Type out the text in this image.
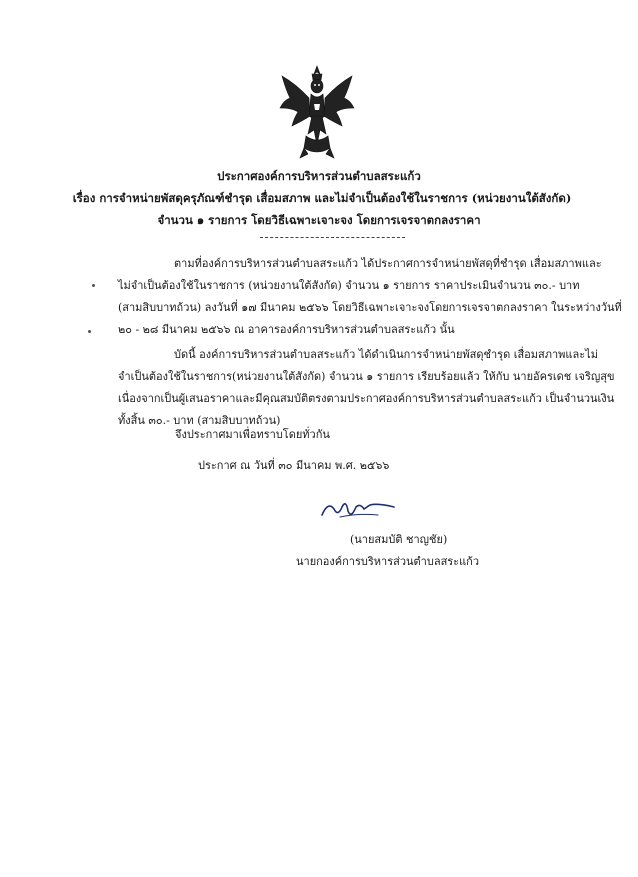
ประกาศองค์การบริหารส่วนตำบลสระแก้ว
เรื่อง การจำหน่ายพัสดุครุภัณฑ์ชำรุด เสื่อมสภาพ และไม่จำเป็นต้องใช้ในราชการ (หน่วยงานใต้สังกัด)
จำนวน ๑ รายการ โดยวิธีเฉพาะเจาะจง โดยการเจรจาตกลงราคา
ตามที่องค์การบริหารส่วนตำบลสระแก้ว ได้ประกาศการจำหน่ายพัสดุที่ชำรุด เสื่อมสภาพและ
ไม่จำเป็นต้องใช้ในราชการ (หน่วยงานใต้สังกัด) จำนวน ๑ รายการ ราคาประเมินจำนวน ๓๐.- บาท
(สามสิบบาทถ้วน) ลงวันที่ ๑๗ มีนาคม ๒๕๖๖ โดยวิธีเฉพาะเจาะจงโดยการเจรจาตกลงราคา ในระหว่างวันที่
๒๐ - ๒๘ มีนาคม ๒๕๖๖ ณ อาคารองค์การบริหารส่วนตำบลสระแก้ว นั้น
บัดนี้ องค์การบริหารส่วนตำบลสระแก้ว ได้ดำเนินการจำหน่ายพัสดุชำรุด เสื่อมสภาพและไม่
จำเป็นต้องใช้ในราชการ(หน่วยงานใต้สังกัด) จำนวน ๑ รายการ เรียบร้อยแล้ว ให้กับ นายอัครเดช เจริญสุข
เนื่องจากเป็นผู้เสนอราคาและมีคุณสมบัติตรงตามประกาศองค์การบริหารส่วนตำบลสระแก้ว เป็นจำนวนเงิน
ทั้งสิ้น ๓๐.- บาท (สามสิบบาทถ้วน)
จึงประกาศมาเพื่อทราบโดยทั่วกัน
ประกาศ ณ วันที่ ๓๐ มีนาคม พ.ศ. ๒๕๖๖
(นายสมบัติ ชาญชัย)
นายกองค์การบริหารส่วนตำบลสระแก้ว
